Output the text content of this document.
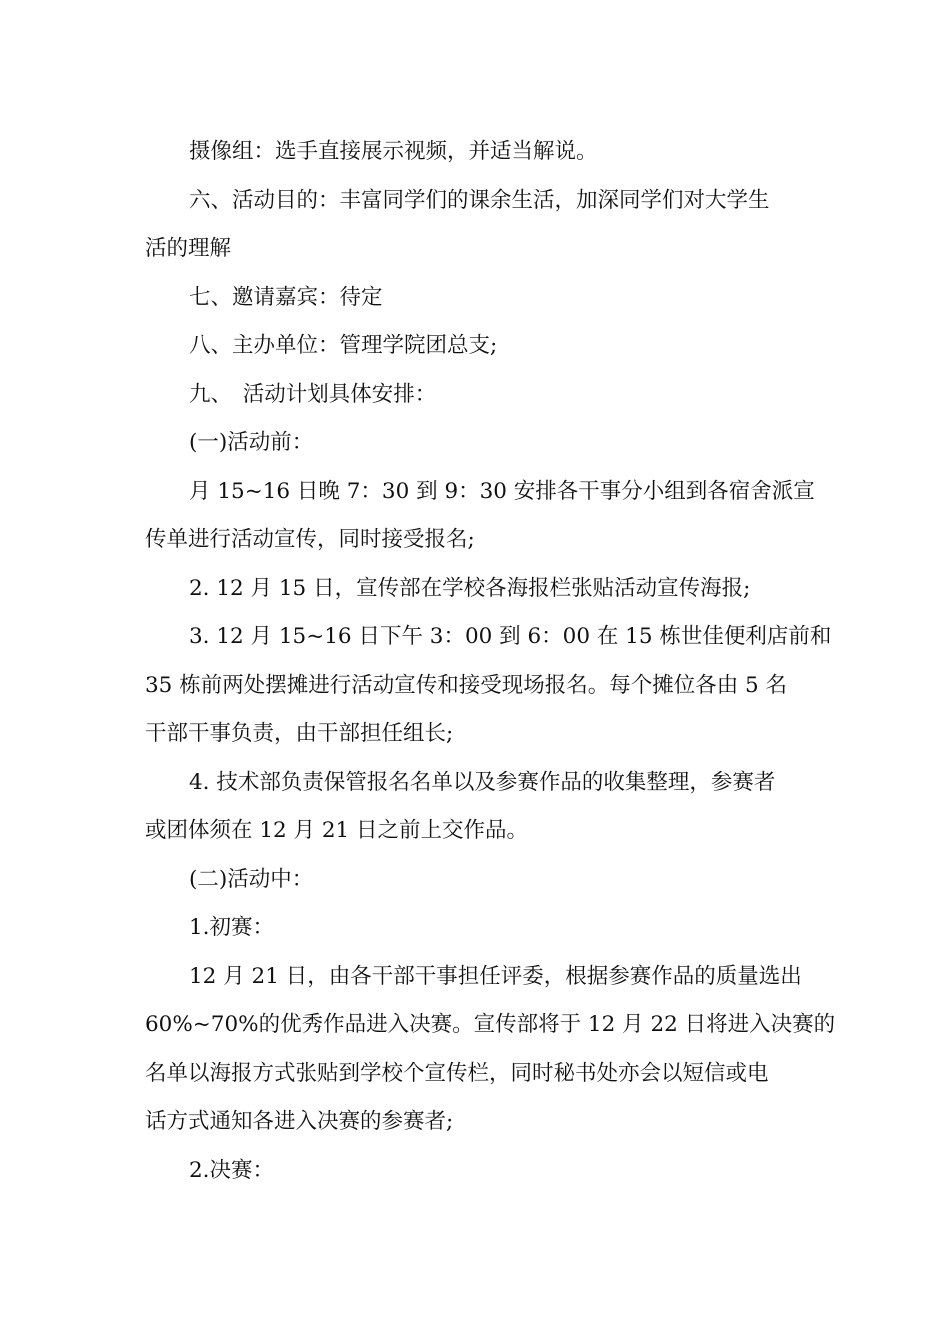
摄像组：选手直接展示视频，并适当解说。

六、活动目的：丰富同学们的课余生活，加深同学们对大学生
活的理解

七、邀请嘉宾：待定

八、主办单位：管理学院团总支;

九、　活动计划具体安排：

(一)活动前：

月 15~16 日晚 7：30 到 9：30 安排各干事分小组到各宿舍派宣
传单进行活动宣传，同时接受报名;

2. 12 月 15 日，宣传部在学校各海报栏张贴活动宣传海报;

3. 12 月 15~16 日下午 3：00 到 6：00 在 15 栋世佳便利店前和
35 栋前两处摆摊进行活动宣传和接受现场报名。每个摊位各由 5 名
干部干事负责，由干部担任组长;

4. 技术部负责保管报名名单以及参赛作品的收集整理，参赛者
或团体须在 12 月 21 日之前上交作品。

(二)活动中：

1.初赛：

12 月 21 日，由各干部干事担任评委，根据参赛作品的质量选出
60%~70%的优秀作品进入决赛。宣传部将于 12 月 22 日将进入决赛的
名单以海报方式张贴到学校个宣传栏，同时秘书处亦会以短信或电
话方式通知各进入决赛的参赛者;

2.决赛：
